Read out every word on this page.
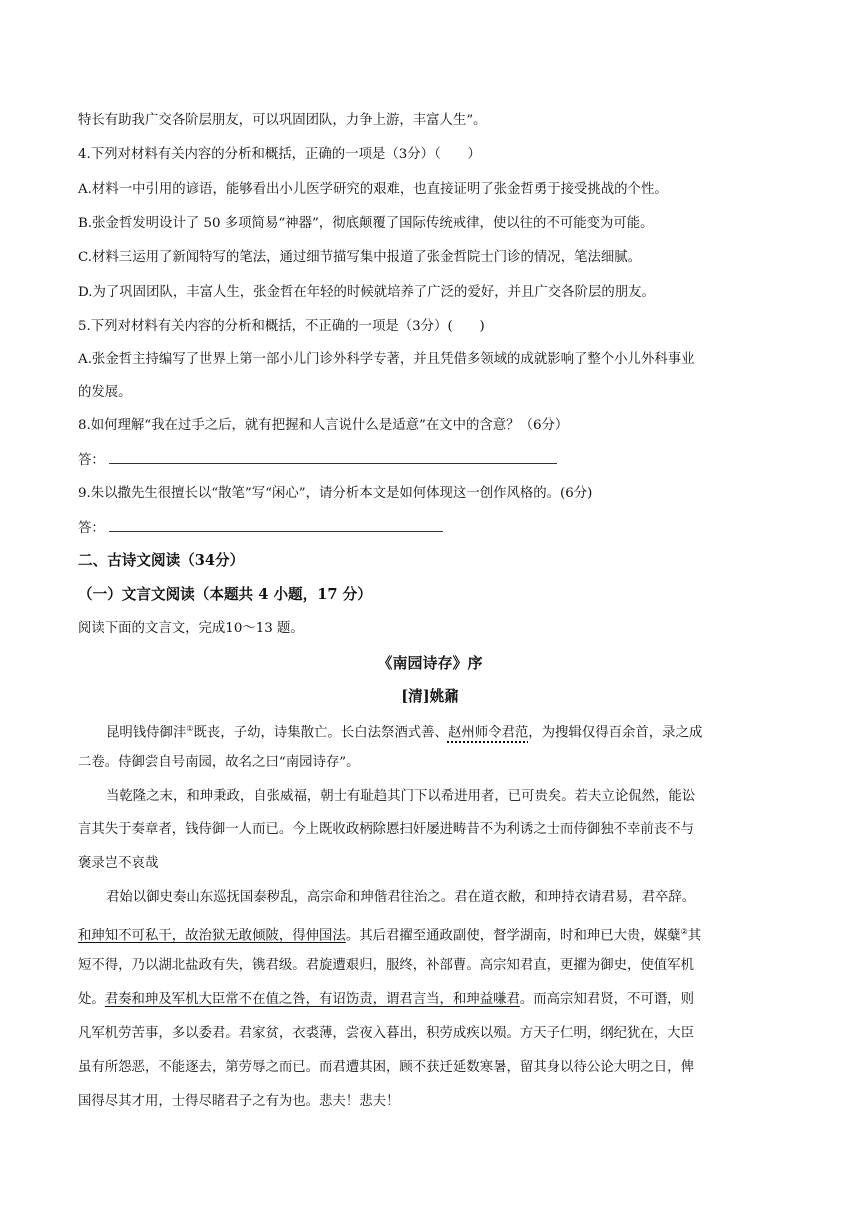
特长有助我广交各阶层朋友，可以巩固团队，力争上游，丰富人生”。
4.下列对材料有关内容的分析和概括，正确的一项是（3分）（　　）
A.材料一中引用的谚语，能够看出小儿医学研究的艰难，也直接证明了张金哲勇于接受挑战的个性。
B.张金哲发明设计了 50 多项简易“神器”，彻底颠覆了国际传统戒律，使以往的不可能变为可能。
C.材料三运用了新闻特写的笔法，通过细节描写集中报道了张金哲院士门诊的情况，笔法细腻。
D.为了巩固团队，丰富人生，张金哲在年轻的时候就培养了广泛的爱好，并且广交各阶层的朋友。
5.下列对材料有关内容的分析和概括，不正确的一项是（3分）(　　)
A.张金哲主持编写了世界上第一部小儿门诊外科学专著，并且凭借多领域的成就影响了整个小儿外科事业
的发展。
8.如何理解“我在过手之后，就有把握和人言说什么是适意”在文中的含意？（6分）
答：
9.朱以撒先生很擅长以“散笔”写“闲心”，请分析本文是如何体现这一创作风格的。(6分)
答：
二、古诗文阅读（34分）
（一）文言文阅读（本题共 4 小题，17 分）
阅读下面的文言文，完成10～13 题。
《南园诗存》序
[清]姚鼐
昆明钱侍御沣①既丧，子幼，诗集散亡。长白法祭酒式善、赵州师令君范，为搜辑仅得百余首，录之成
二卷。侍御尝自号南园，故名之曰“南园诗存”。
当乾隆之末，和珅秉政，自张威福，朝士有耻趋其门下以希进用者，已可贵矣。若夫立论侃然，能讼
言其失于奏章者，钱侍御一人而已。今上既收政柄除慝扫奸屡进畴昔不为利诱之士而侍御独不幸前丧不与
褒录岂不哀哉
君始以御史奏山东巡抚国泰秽乱，高宗命和珅偕君往治之。君在道衣敝，和珅持衣请君易，君卒辞。
和珅知不可私干，故治狱无敢倾陂，得伸国法。其后君擢至通政副使，督学湖南，时和珅已大贵，媒糵②其
短不得，乃以湖北盐政有失，镌君级。君旋遭艰归，服终，补部曹。高宗知君直，更擢为御史，使值军机
处。君奏和珅及军机大臣常不在值之咎，有诏饬责，谓君言当，和珅益嗛君。而高宗知君贤，不可谮，则
凡军机劳苦事，多以委君。君家贫，衣裘薄，尝夜入暮出，积劳成疾以殒。方天子仁明，纲纪犹在，大臣
虽有所怨恶，不能逐去，第劳辱之而已。而君遭其困，顾不获迁延数寒暑，留其身以待公论大明之日，俾
国得尽其才用，士得尽睹君子之有为也。悲夫！悲夫！
